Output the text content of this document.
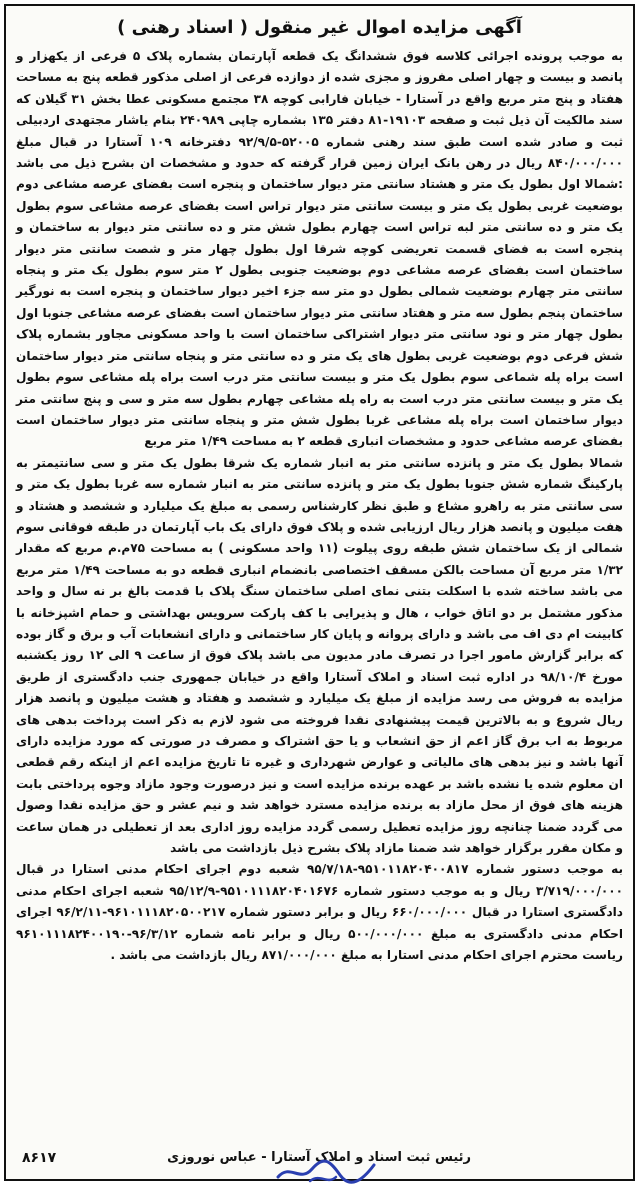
آگهی مزایده اموال غیر منقول ( اسناد رهنی )

به موجب پرونده اجرائی کلاسه فوق ششدانگ یک قطعه آپارتمان بشماره پلاک ۵ فرعی از یکهزار و پانصد و بیست و چهار اصلی مفروز و مجزی شده از دوازده فرعی از اصلی مذکور قطعه پنج به مساحت هفتاد و پنج متر مربع واقع در آستارا - خیابان فارابی کوچه ۳۸ مجتمع مسکونی عطا بخش ۳۱ گیلان که سند مالکیت آن ذیل ثبت و صفحه ۱۹۱۰۳-۸۱ دفتر ۱۳۵ بشماره چاپی ۲۴۰۹۸۹ بنام یاشار مجتهدی اردبیلی ثبت و صادر شده است طبق سند رهنی شماره ۵۲۰۰۵-۹۲/۹/۵ دفترخانه ۱۰۹ آستارا در قبال مبلغ ۸۴۰/۰۰۰/۰۰۰ ریال در رهن بانک ایران زمین قرار گرفته که حدود و مشخصات ان بشرح ذیل می باشد :شمالا اول بطول یک متر و هشتاد سانتی متر دیوار ساختمان و پنجره است بفضای عرصه مشاعی دوم بوضعیت غربی بطول یک متر و بیست سانتی متر دیوار تراس است بفضای عرصه مشاعی سوم بطول یک متر و ده سانتی متر لبه تراس است چهارم بطول شش متر و ده سانتی متر دیوار به ساختمان و پنجره است به فضای قسمت تعریضی کوچه شرقا اول بطول چهار متر و شصت سانتی متر دیوار ساختمان است بفضای عرصه مشاعی دوم بوضعیت جنوبی بطول ۲ متر سوم بطول یک متر و پنجاه سانتی متر چهارم بوضعیت شمالی بطول دو متر سه جزء اخیر دیوار ساختمان و پنجره است به نورگیر ساختمان پنجم بطول سه متر و هفتاد سانتی متر دیوار ساختمان است بفضای عرصه مشاعی جنوبا اول بطول چهار متر و نود سانتی متر دیوار اشتراکی ساختمان است با واحد مسکونی مجاور بشماره پلاک شش فرعی دوم بوضعیت غربی بطول های یک متر و ده سانتی متر و پنجاه سانتی متر دیوار ساختمان است براه پله شماعی سوم بطول یک متر و بیست سانتی متر درب است براه پله مشاعی سوم بطول یک متر و بیست سانتی متر درب است به راه پله مشاعی چهارم بطول سه متر و سی و پنج سانتی متر دیوار ساختمان است براه پله مشاعی غربا بطول شش متر و پنجاه سانتی متر دیوار ساختمان است بفضای عرصه مشاعی حدود و مشخصات انباری قطعه ۲ به مساحت ۱/۴۹ متر مربع

شمالا بطول یک متر و پانزده سانتی متر به انبار شماره یک شرقا بطول یک متر و سی سانتیمتر به پارکینگ شماره شش جنوبا بطول یک متر و پانزده سانتی متر به انبار شماره سه غربا بطول یک متر و سی سانتی متر به راهرو مشاع و طبق نظر کارشناس رسمی به مبلغ یک میلیارد و ششصد و هشتاد و هفت میلیون و پانصد هزار ریال ارزیابی شده و پلاک فوق دارای یک باب آپارتمان در طبقه فوقانی سوم شمالی از یک ساختمان شش طبقه روی پیلوت (۱۱ واحد مسکونی ) به مساحت ۷۵م.م مربع که مقدار ۱/۳۲ متر مربع آن مساحت بالکن مسقف اختصاصی بانضمام انباری قطعه دو به مساحت ۱/۴۹ متر مربع می باشد ساخته شده با اسکلت بتنی نمای اصلی ساختمان سنگ پلاک با قدمت بالغ بر نه سال و واحد مذکور مشتمل بر دو اتاق خواب ، هال و پذیرایی با کف پارکت سرویس بهداشتی و حمام اشپزخانه با کابینت ام دی اف می باشد و دارای پروانه و پایان کار ساختمانی و دارای انشعابات آب و برق و گاز بوده که برابر گزارش مامور اجرا در تصرف مادر مدیون می باشد پلاک فوق از ساعت ۹ الی ۱۲ روز یکشنبه مورخ ۹۸/۱۰/۴ در اداره ثبت اسناد و املاک آستارا واقع در خیابان جمهوری جنب دادگستری از طریق مزایده به فروش می رسد مزایده از مبلغ یک میلیارد و ششصد و هفتاد و هشت میلیون و پانصد هزار ریال شروع و به بالاترین قیمت پیشنهادی نقدا فروخته می شود لازم به ذکر است پرداخت بدهی های مربوط به اب برق گاز اعم از حق انشعاب و یا حق اشتراک و مصرف در صورتی که مورد مزایده دارای آنها باشد و نیز بدهی های مالیاتی و عوارض شهرداری و غیره تا تاریخ مزایده اعم از اینکه رقم قطعی ان معلوم شده یا نشده باشد بر عهده برنده مزایده است و نیز درصورت وجود مازاد وجوه پرداختی بابت هزینه های فوق از محل مازاد به برنده مزایده مسترد خواهد شد و نیم عشر و حق مزایده نقدا وصول می گردد ضمنا چنانچه روز مزایده تعطیل رسمی گردد مزایده روز اداری بعد از تعطیلی در همان ساعت و مکان مقرر برگزار خواهد شد ضمنا مازاد پلاک بشرح ذیل بازداشت می باشد

به موجب دستور شماره ۹۵۱۰۱۱۸۲۰۴۰۰۸۱۷-۹۵/۷/۱۸ شعبه دوم اجرای احکام مدنی استارا در قبال ۳/۷۱۹/۰۰۰/۰۰۰ ریال و به موجب دستور شماره ۹۵۱۰۱۱۱۸۲۰۴۰۱۶۷۶-۹۵/۱۲/۹ شعبه اجرای احکام مدنی دادگستری استارا در قبال ۶۶۰/۰۰۰/۰۰۰ ریال و برابر دستور شماره ۹۶۱۰۱۱۱۸۲۰۵۰۰۲۱۷-۹۶/۲/۱۱ اجرای احکام مدنی دادگستری به مبلغ ۵۰۰/۰۰۰/۰۰۰ ریال و برابر نامه شماره ۹۶/۳/۱۲-۹۶۱۰۱۱۱۸۲۴۰۰۱۹۰ ریاست محترم اجرای احکام مدنی استارا به مبلغ ۸۷۱/۰۰۰/۰۰۰ ریال بازداشت می باشد .

رئیس ثبت اسناد و املاک آستارا - عباس نوروزی
۸۶۱۷
